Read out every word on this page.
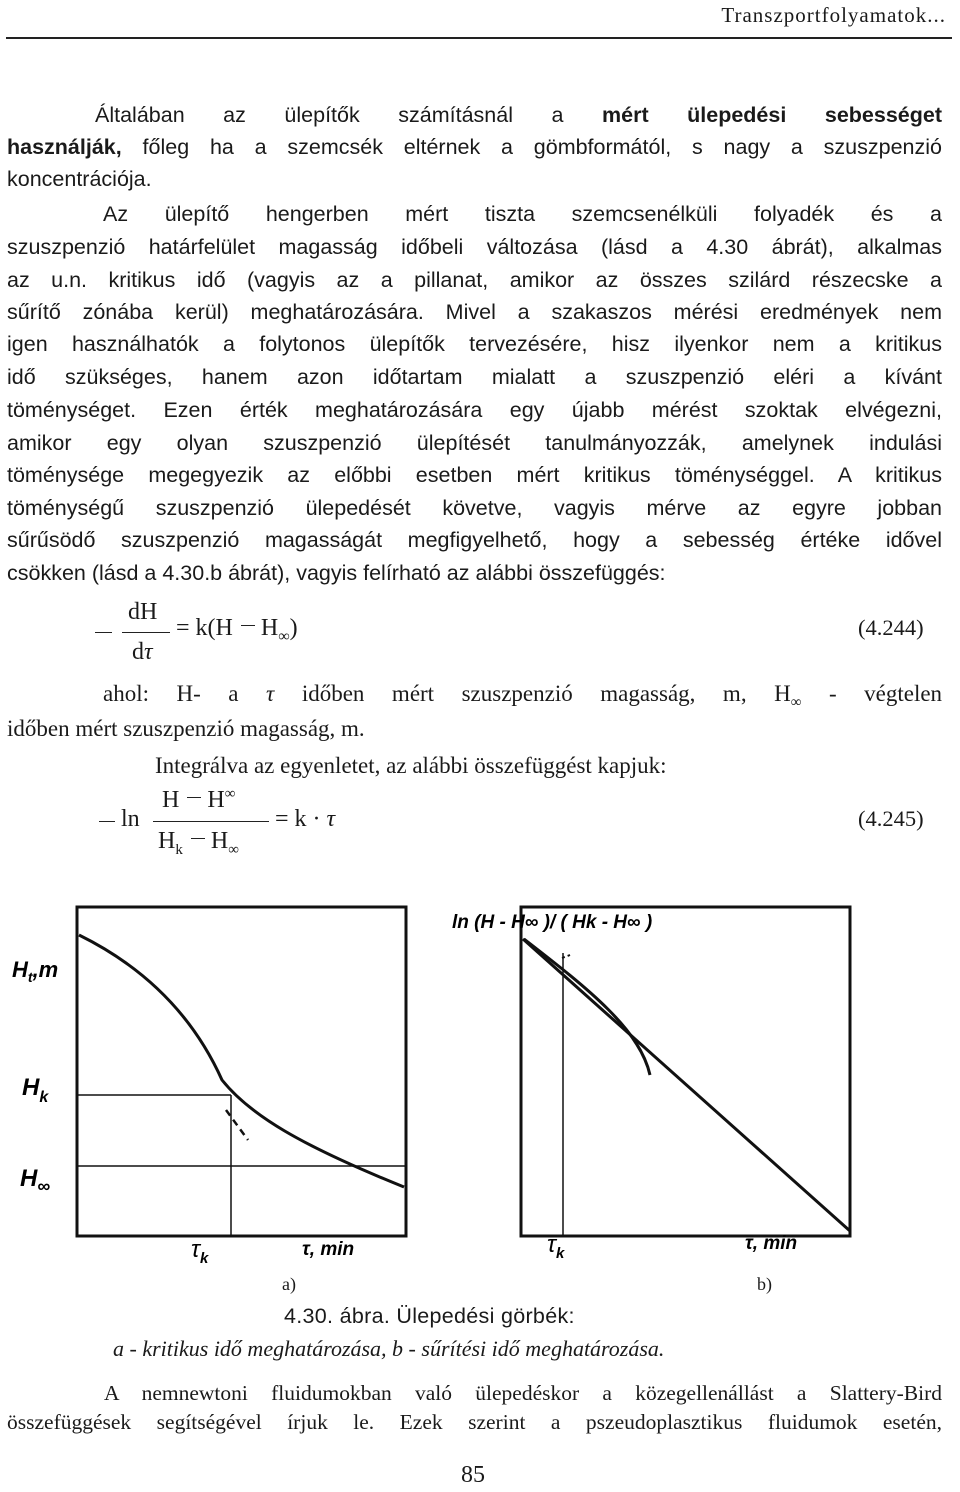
Transzportfolyamatok...
Általában az ülepítők számításnál a mért ülepedési sebességet
használják, főleg ha a szemcsék eltérnek a gömbformától, s nagy a szuszpenzió
koncentrációja.
Az ülepítő hengerben mért tiszta szemcsenélküli folyadék és a
szuszpenzió határfelület magasság időbeli változása (lásd a 4.30 ábrát), alkalmas
az u.n. kritikus idő (vagyis az a pillanat, amikor az összes szilárd részecske a
sűrítő zónába kerül) meghatározására. Mivel a szakaszos mérési eredmények nem
igen használhatók a folytonos ülepítők tervezésére, hisz ilyenkor nem a kritikus
idő szükséges, hanem azon időtartam mialatt a szuszpenzió eléri a kívánt
töménységet. Ezen érték meghatározására egy újabb mérést szoktak elvégezni,
amikor egy olyan szuszpenzió ülepítését tanulmányozzák, amelynek indulási
töménysége megegyezik az előbbi esetben mért kritikus töménységgel. A kritikus
töménységű szuszpenzió ülepedését követve, vagyis mérve az egyre jobban
sűrűsödő szuszpenzió magasságát megfigyelhető, hogy a sebesség értéke idővel
csökken (lásd a 4.30.b ábrát), vagyis felírható az alábbi összefüggés:
dH
dτ
= k(H $H_\infty$)	(4.244)
ahol: H- a τ időben mért szuszpenzió magasság, m, $H_\infty$ - végtelen
időben mért szuszpenzió magasság, m.
Integrálva az egyenletet, az alábbi összefüggést kapjuk:
ln
H H∞
$H_k$ $H_\infty$
= k · τ	(4.245)
$H_t,m$
$H_k$
$H_\infty$
$\tau_k$	τ, min
ln (H - H∞ )/ ( Hk - H∞ )
$\tau_k$	τ, min
a)	b)
4.30. ábra. Ülepedési görbék:
a - kritikus idő meghatározása, b - sűrítési idő meghatározása.
A nemnewtoni fluidumokban való ülepedéskor a közegellenállást a Slattery-Bird
összefüggések segítségével írjuk le. Ezek szerint a pszeudoplasztikus fluidumok esetén,
85
